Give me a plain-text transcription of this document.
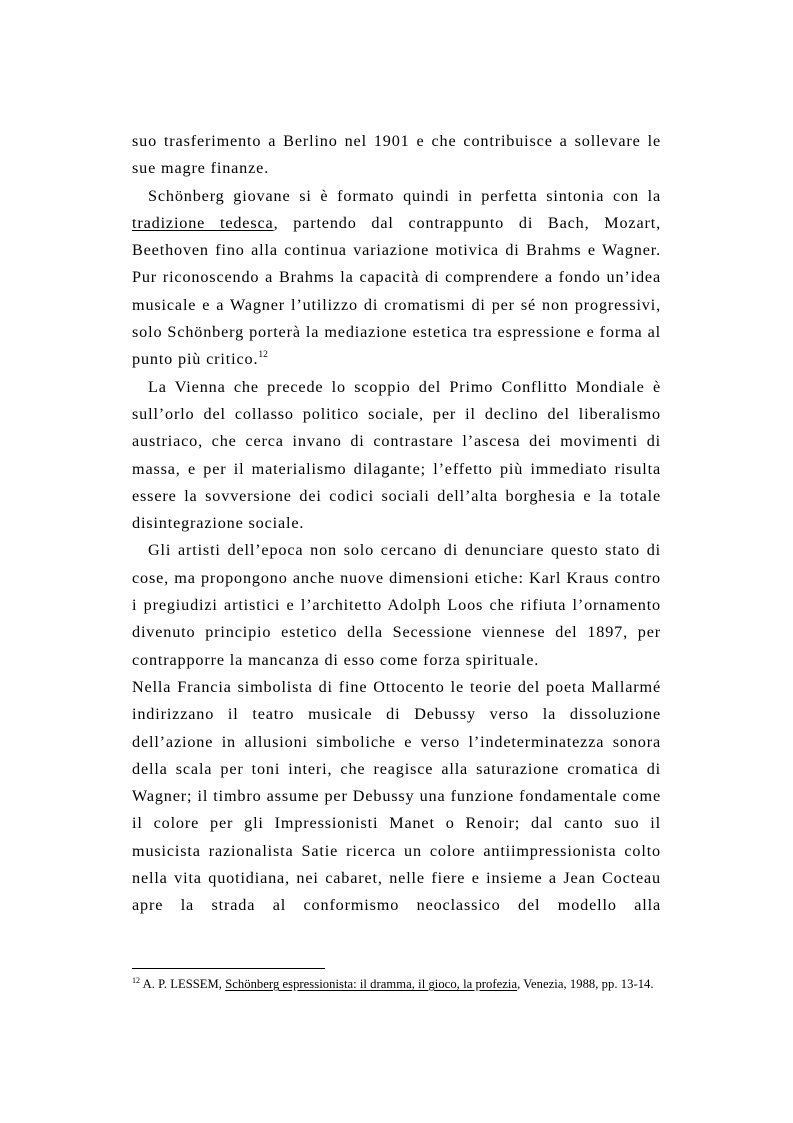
suo trasferimento a Berlino nel 1901 e che contribuisce a sollevare le sue magre finanze.

Schönberg giovane si è formato quindi in perfetta sintonia con la tradizione tedesca, partendo dal contrappunto di Bach, Mozart, Beethoven fino alla continua variazione motivica di Brahms e Wagner. Pur riconoscendo a Brahms la capacità di comprendere a fondo un’idea musicale e a Wagner l’utilizzo di cromatismi di per sé non progressivi, solo Schönberg porterà la mediazione estetica tra espressione e forma al punto più critico.$^{12}$

La Vienna che precede lo scoppio del Primo Conflitto Mondiale è sull’orlo del collasso politico sociale, per il declino del liberalismo austriaco, che cerca invano di contrastare l’ascesa dei movimenti di massa, e per il materialismo dilagante; l’effetto più immediato risulta essere la sovversione dei codici sociali dell’alta borghesia e la totale disintegrazione sociale.

Gli artisti dell’epoca non solo cercano di denunciare questo stato di cose, ma propongono anche nuove dimensioni etiche: Karl Kraus contro i pregiudizi artistici e l’architetto Adolph Loos che rifiuta l’ornamento divenuto principio estetico della Secessione viennese del 1897, per contrapporre la mancanza di esso come forza spirituale.

Nella Francia simbolista di fine Ottocento le teorie del poeta Mallarmé indirizzano il teatro musicale di Debussy verso la dissoluzione dell’azione in allusioni simboliche e verso l’indeterminatezza sonora della scala per toni interi, che reagisce alla saturazione cromatica di Wagner; il timbro assume per Debussy una funzione fondamentale come il colore per gli Impressionisti Manet o Renoir; dal canto suo il musicista razionalista Satie ricerca un colore antiimpressionista colto nella vita quotidiana, nei cabaret, nelle fiere e insieme a Jean Cocteau apre la strada al conformismo neoclassico del modello alla

$^{12}$ A. P. LESSEM, Schönberg espressionista: il dramma, il gioco, la profezia, Venezia, 1988, pp. 13-14.
